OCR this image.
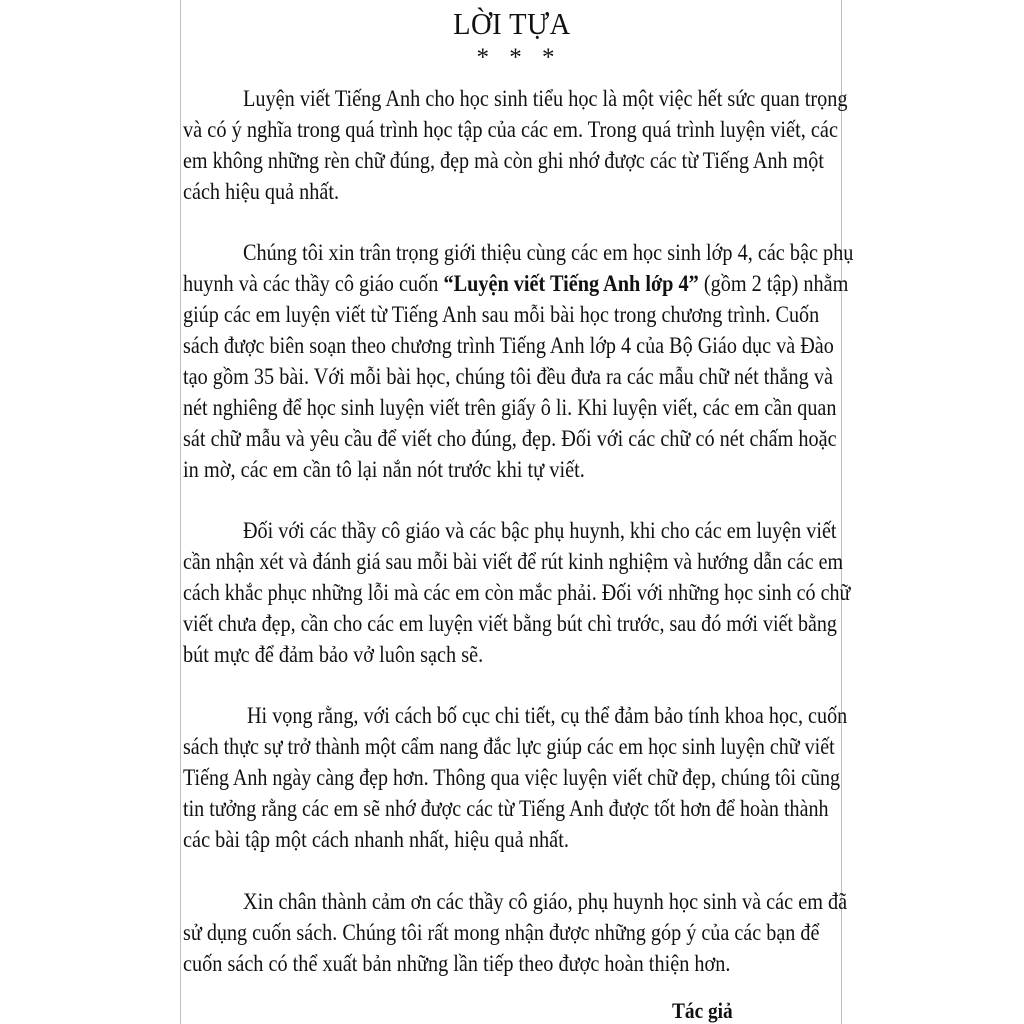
LỜI TỰA
* * *
Luyện viết Tiếng Anh cho học sinh tiểu học là một việc hết sức quan trọng
và có ý nghĩa trong quá trình học tập của các em. Trong quá trình luyện viết, các
em không những rèn chữ đúng, đẹp mà còn ghi nhớ được các từ Tiếng Anh một
cách hiệu quả nhất.
Chúng tôi xin trân trọng giới thiệu cùng các em học sinh lớp 4, các bậc phụ
huynh và các thầy cô giáo cuốn “Luyện viết Tiếng Anh lớp 4” (gồm 2 tập) nhằm
giúp các em luyện viết từ Tiếng Anh sau mỗi bài học trong chương trình. Cuốn
sách được biên soạn theo chương trình Tiếng Anh lớp 4 của Bộ Giáo dục và Đào
tạo gồm 35 bài. Với mỗi bài học, chúng tôi đều đưa ra các mẫu chữ nét thẳng và
nét nghiêng để học sinh luyện viết trên giấy ô li. Khi luyện viết, các em cần quan
sát chữ mẫu và yêu cầu để viết cho đúng, đẹp. Đối với các chữ có nét chấm hoặc
in mờ, các em cần tô lại nắn nót trước khi tự viết.
Đối với các thầy cô giáo và các bậc phụ huynh, khi cho các em luyện viết
cần nhận xét và đánh giá sau mỗi bài viết để rút kinh nghiệm và hướng dẫn các em
cách khắc phục những lỗi mà các em còn mắc phải. Đối với những học sinh có chữ
viết chưa đẹp, cần cho các em luyện viết bằng bút chì trước, sau đó mới viết bằng
bút mực để đảm bảo vở luôn sạch sẽ.
Hi vọng rằng, với cách bố cục chi tiết, cụ thể đảm bảo tính khoa học, cuốn
sách thực sự trở thành một cẩm nang đắc lực giúp các em học sinh luyện chữ viết
Tiếng Anh ngày càng đẹp hơn. Thông qua việc luyện viết chữ đẹp, chúng tôi cũng
tin tưởng rằng các em sẽ nhớ được các từ Tiếng Anh được tốt hơn để hoàn thành
các bài tập một cách nhanh nhất, hiệu quả nhất.
Xin chân thành cảm ơn các thầy cô giáo, phụ huynh học sinh và các em đã
sử dụng cuốn sách. Chúng tôi rất mong nhận được những góp ý của các bạn để
cuốn sách có thể xuất bản những lần tiếp theo được hoàn thiện hơn.
Tác giả
